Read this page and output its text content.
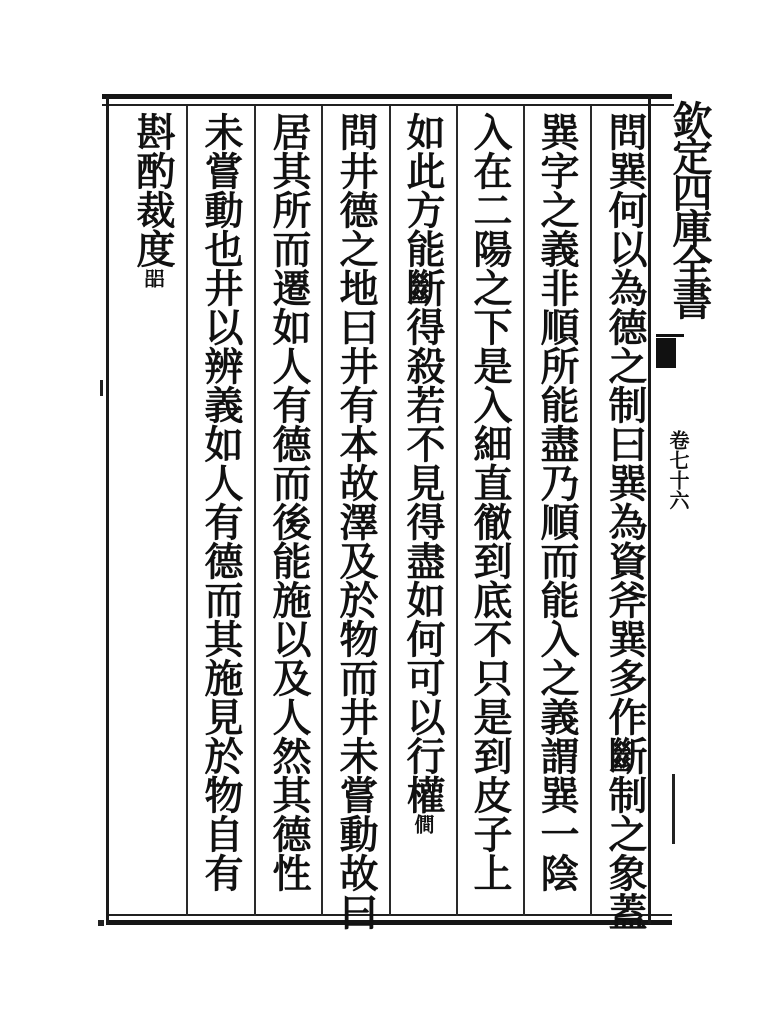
問巽何以為德之制曰巽為資斧巽多作斷制之象蓋
巽字之義非順所能盡乃順而能入之義謂巽一陰
入在二陽之下是入細直徹到底不只是到皮子上
如此方能斷得殺若不見得盡如何可以行權僴
問井德之地曰井有本故澤及於物而井未嘗動故曰
居其所而遷如人有德而後能施以及人然其德性
未嘗動也井以辨義如人有德而其施見於物自有
斟酌裁度㗊	欽定四庫全書
卷七十六
